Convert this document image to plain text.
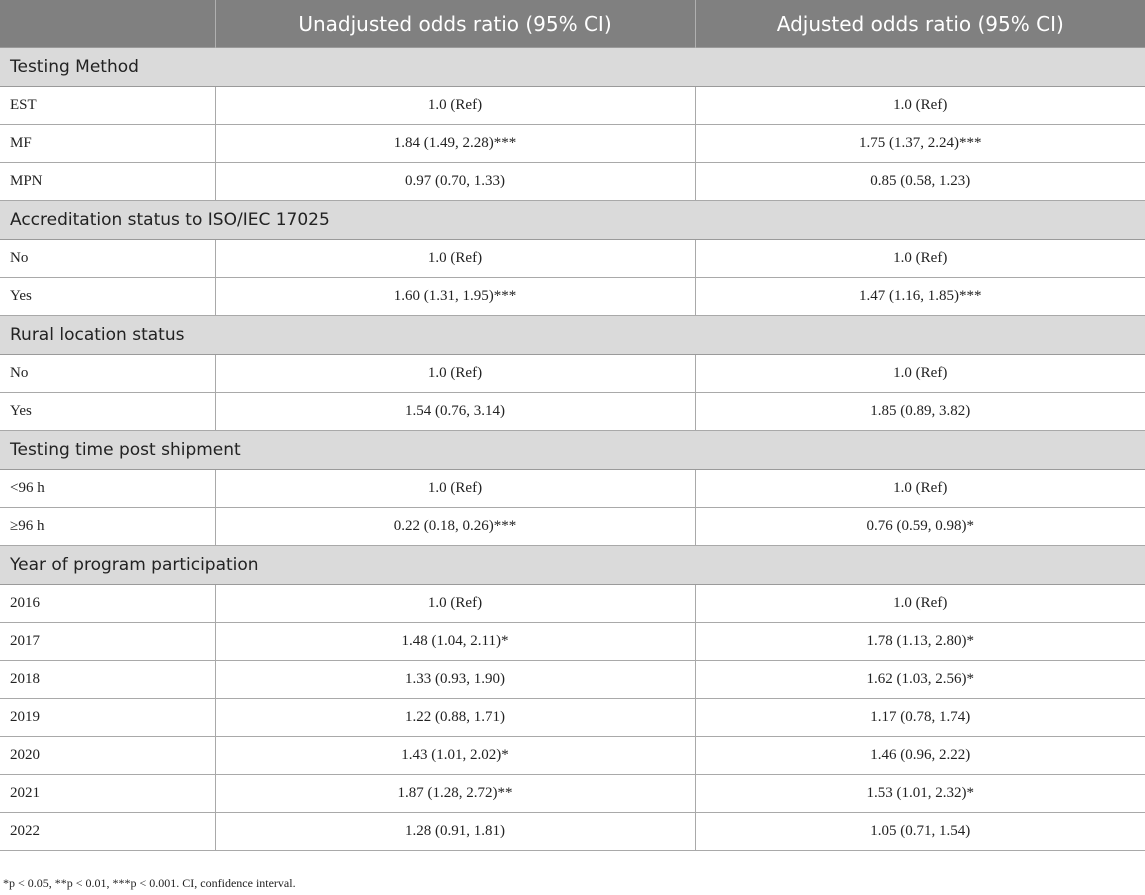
	Unadjusted odds ratio (95% CI)	Adjusted odds ratio (95% CI)
Testing Method		
EST	1.0 (Ref)	1.0 (Ref)
MF	1.84 (1.49, 2.28)***	1.75 (1.37, 2.24)***
MPN	0.97 (0.70, 1.33)	0.85 (0.58, 1.23)
Accreditation status to ISO/IEC 17025		
No	1.0 (Ref)	1.0 (Ref)
Yes	1.60 (1.31, 1.95)***	1.47 (1.16, 1.85)***
Rural location status		
No	1.0 (Ref)	1.0 (Ref)
Yes	1.54 (0.76, 3.14)	1.85 (0.89, 3.82)
Testing time post shipment		
<96 h	1.0 (Ref)	1.0 (Ref)
≥96 h	0.22 (0.18, 0.26)***	0.76 (0.59, 0.98)*
Year of program participation		
2016	1.0 (Ref)	1.0 (Ref)
2017	1.48 (1.04, 2.11)*	1.78 (1.13, 2.80)*
2018	1.33 (0.93, 1.90)	1.62 (1.03, 2.56)*
2019	1.22 (0.88, 1.71)	1.17 (0.78, 1.74)
2020	1.43 (1.01, 2.02)*	1.46 (0.96, 2.22)
2021	1.87 (1.28, 2.72)**	1.53 (1.01, 2.32)*
2022	1.28 (0.91, 1.81)	1.05 (0.71, 1.54)
*p < 0.05, **p < 0.01, ***p < 0.001. CI, confidence interval.
